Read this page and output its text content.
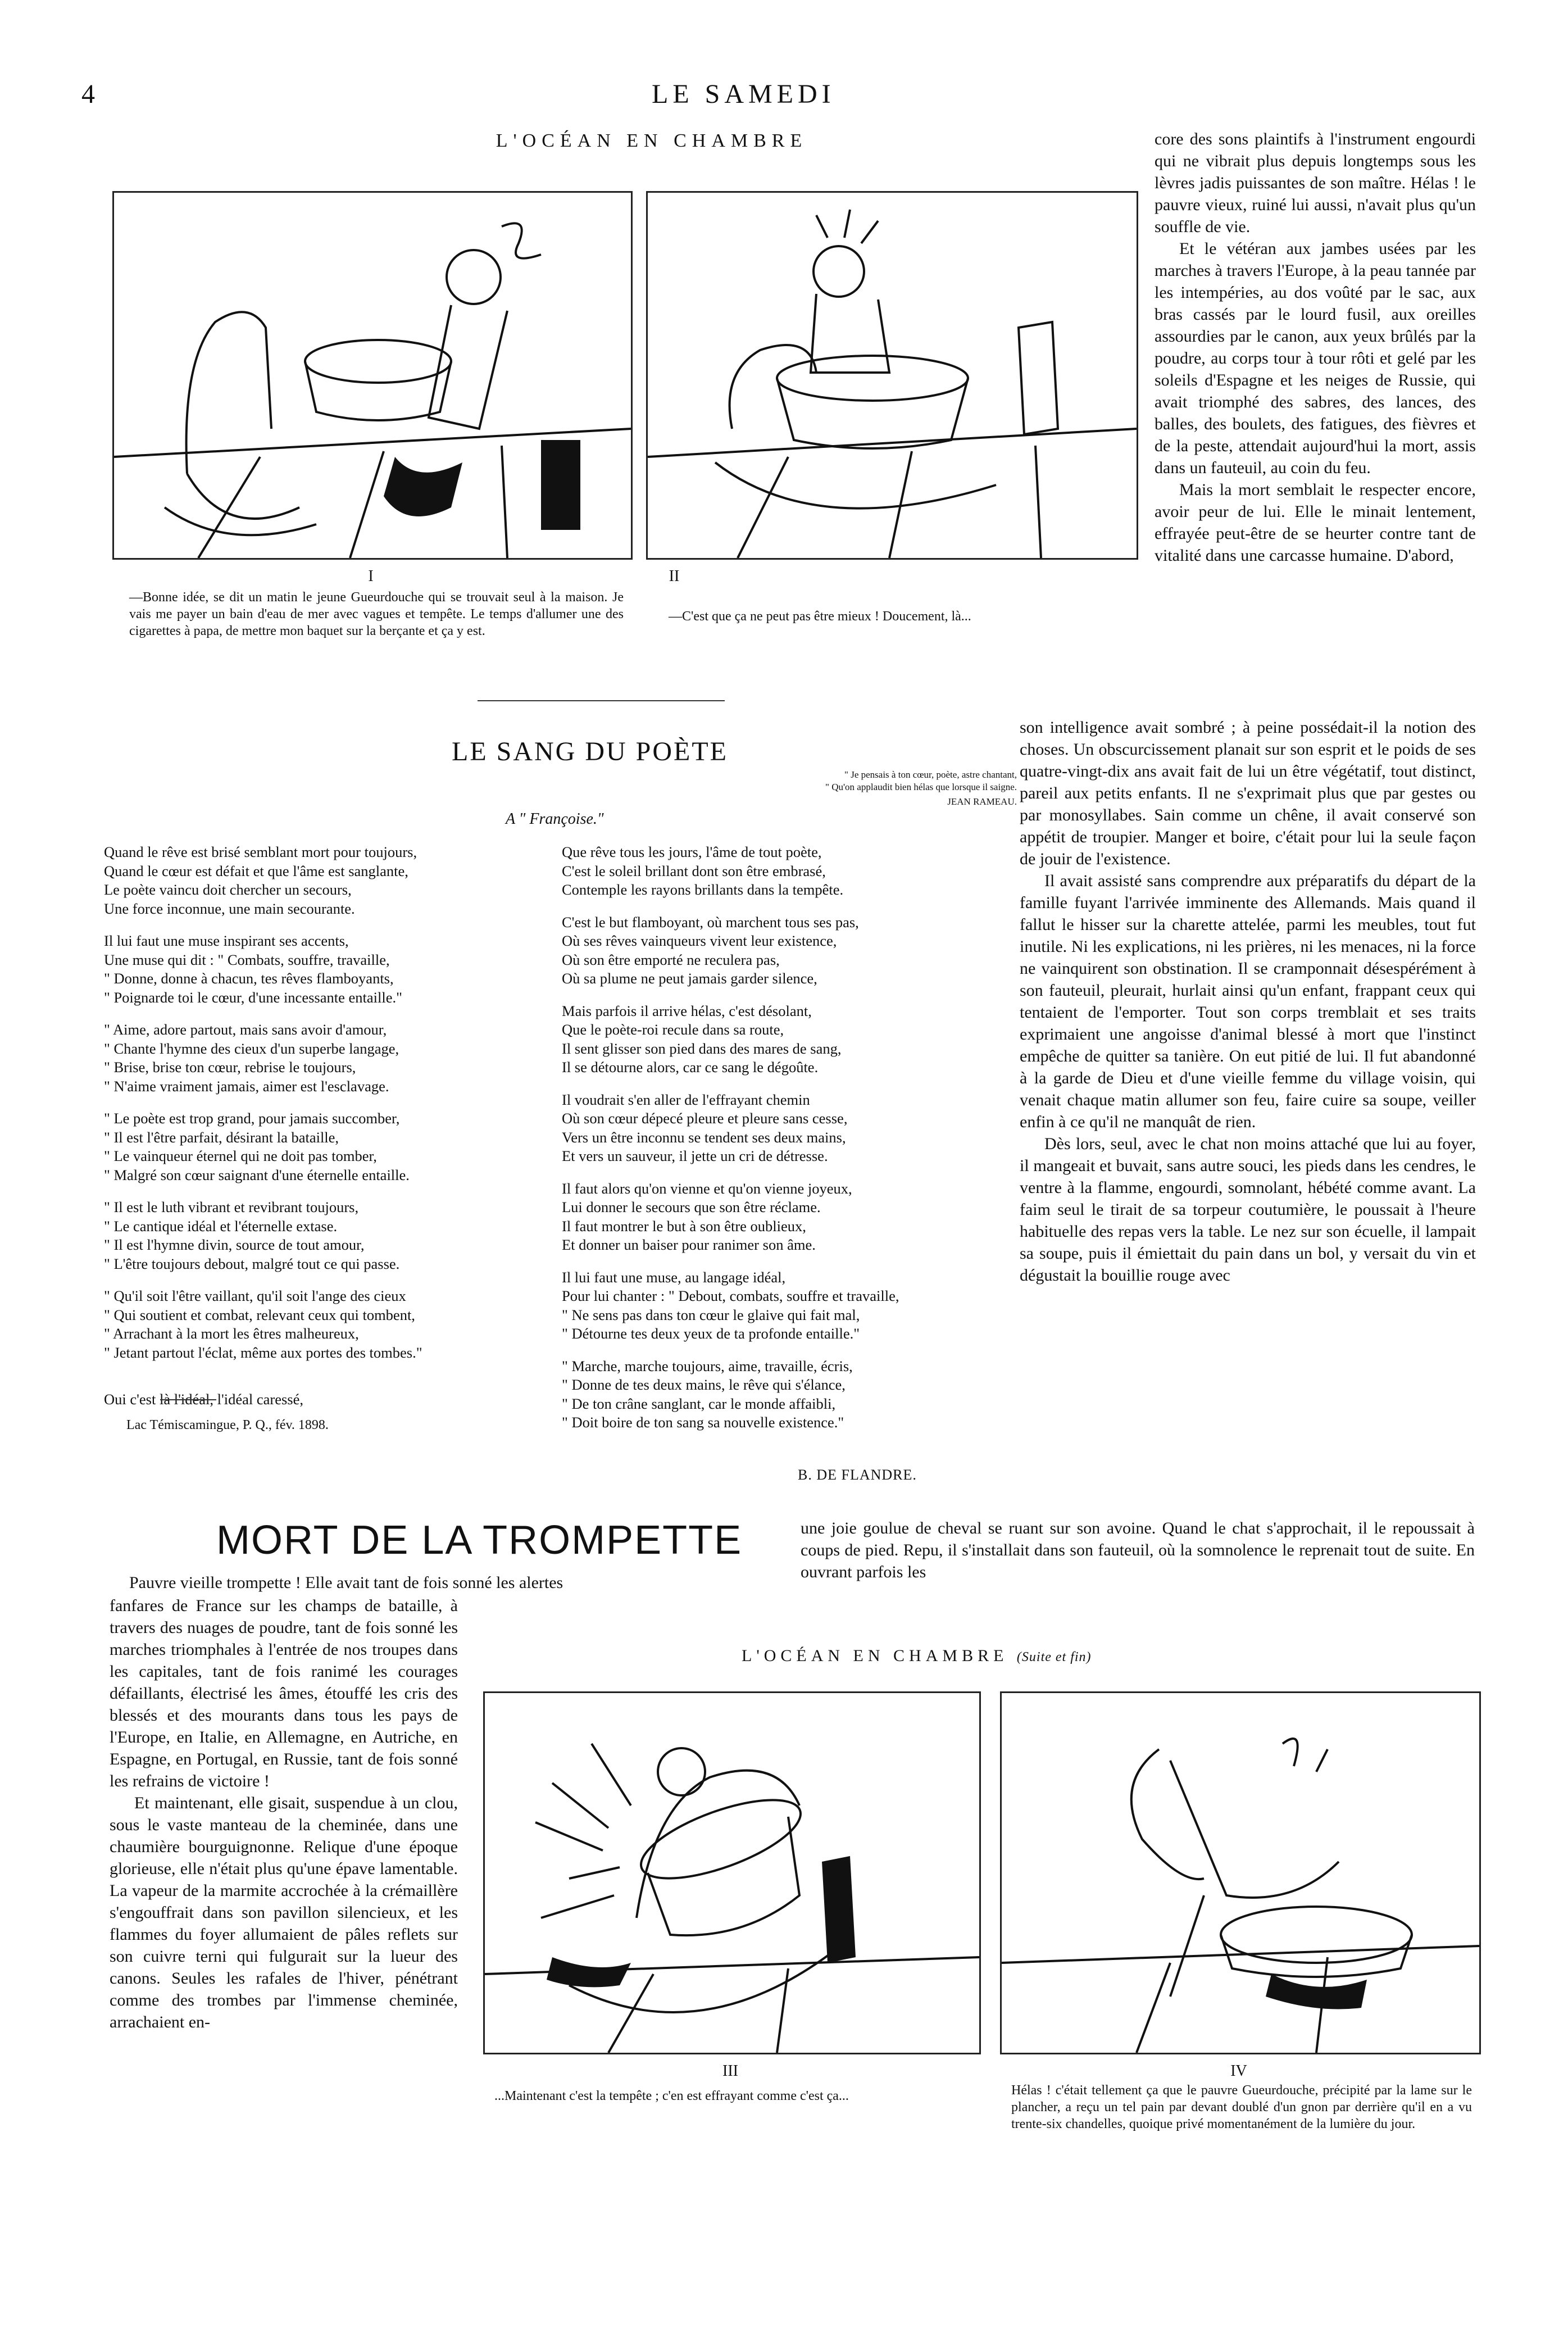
4	LE SAMEDI
L'OCÉAN EN CHAMBRE
I
—Bonne idée, se dit un matin le jeune Gueurdouche qui se trouvait seul à la maison. Je vais me payer un bain d'eau de mer avec vagues et tempête. Le temps d'allumer une des cigarettes à papa, de mettre mon baquet sur la berçante et ça y est.
II
—C'est que ça ne peut pas être mieux ! Doucement, là...

core des sons plaintifs à l'instrument engourdi qui ne vibrait plus depuis longtemps sous les lèvres jadis puissantes de son maître. Hélas ! le pauvre vieux, ruiné lui aussi, n'avait plus qu'un souffle de vie.

Et le vétéran aux jambes usées par les marches à travers l'Europe, à la peau tannée par les intempéries, au dos voûté par le sac, aux bras cassés par le lourd fusil, aux oreilles assourdies par le canon, aux yeux brûlés par la poudre, au corps tour à tour rôti et gelé par les soleils d'Espagne et les neiges de Russie, qui avait triomphé des sabres, des lances, des balles, des boulets, des fatigues, des fièvres et de la peste, attendait aujourd'hui la mort, assis dans un fauteuil, au coin du feu.

Mais la mort semblait le respecter encore, avoir peur de lui. Elle le minait lentement, effrayée peut-être de se heurter contre tant de vitalité dans une carcasse humaine. D'abord,

LE SANG DU POÈTE
" Je pensais à ton cœur, poète, astre chantant,
" Qu'on applaudit bien hélas que lorsque il saigne.
JEAN RAMEAU.
A " Françoise."
Quand le rêve est brisé semblant mort pour toujours,
Quand le cœur est défait et que l'âme est sanglante,
Le poète vaincu doit chercher un secours,
Une force inconnue, une main secourante.
Il lui faut une muse inspirant ses accents,
Une muse qui dit : " Combats, souffre, travaille,
" Donne, donne à chacun, tes rêves flamboyants,
" Poignarde toi le cœur, d'une incessante entaille."
" Aime, adore partout, mais sans avoir d'amour,
" Chante l'hymne des cieux d'un superbe langage,
" Brise, brise ton cœur, rebrise le toujours,
" N'aime vraiment jamais, aimer est l'esclavage.
" Le poète est trop grand, pour jamais succomber,
" Il est l'être parfait, désirant la bataille,
" Le vainqueur éternel qui ne doit pas tomber,
" Malgré son cœur saignant d'une éternelle entaille.
" Il est le luth vibrant et revibrant toujours,
" Le cantique idéal et l'éternelle extase.
" Il est l'hymne divin, source de tout amour,
" L'être toujours debout, malgré tout ce qui passe.
" Qu'il soit l'être vaillant, qu'il soit l'ange des cieux
" Qui soutient et combat, relevant ceux qui tombent,
" Arrachant à la mort les êtres malheureux,
" Jetant partout l'éclat, même aux portes des tombes."
Oui c'est là l'idéal, l'idéal caressé,
Lac Témiscamingue, P. Q., fév. 1898.
Que rêve tous les jours, l'âme de tout poète,
C'est le soleil brillant dont son être embrasé,
Contemple les rayons brillants dans la tempête.
C'est le but flamboyant, où marchent tous ses pas,
Où ses rêves vainqueurs vivent leur existence,
Où son être emporté ne reculera pas,
Où sa plume ne peut jamais garder silence,
Mais parfois il arrive hélas, c'est désolant,
Que le poète-roi recule dans sa route,
Il sent glisser son pied dans des mares de sang,
Il se détourne alors, car ce sang le dégoûte.
Il voudrait s'en aller de l'effrayant chemin
Où son cœur dépecé pleure et pleure sans cesse,
Vers un être inconnu se tendent ses deux mains,
Et vers un sauveur, il jette un cri de détresse.
Il faut alors qu'on vienne et qu'on vienne joyeux,
Lui donner le secours que son être réclame.
Il faut montrer le but à son être oublieux,
Et donner un baiser pour ranimer son âme.
Il lui faut une muse, au langage idéal,
Pour lui chanter : " Debout, combats, souffre et travaille,
" Ne sens pas dans ton cœur le glaive qui fait mal,
" Détourne tes deux yeux de ta profonde entaille."
" Marche, marche toujours, aime, travaille, écris,
" Donne de tes deux mains, le rêve qui s'élance,
" De ton crâne sanglant, car le monde affaibli,
" Doit boire de ton sang sa nouvelle existence."
B. DE FLANDRE.

son intelligence avait sombré ; à peine possédait-il la notion des choses. Un obscurcissement planait sur son esprit et le poids de ses quatre-vingt-dix ans avait fait de lui un être végétatif, tout distinct, pareil aux petits enfants. Il ne s'exprimait plus que par gestes ou par monosyllabes. Sain comme un chêne, il avait conservé son appétit de troupier. Manger et boire, c'était pour lui la seule façon de jouir de l'existence.

Il avait assisté sans comprendre aux préparatifs du départ de la famille fuyant l'arrivée imminente des Allemands. Mais quand il fallut le hisser sur la charette attelée, parmi les meubles, tout fut inutile. Ni les explications, ni les prières, ni les menaces, ni la force ne vainquirent son obstination. Il se cramponnait désespérément à son fauteuil, pleurait, hurlait ainsi qu'un enfant, frappant ceux qui tentaient de l'emporter. Tout son corps tremblait et ses traits exprimaient une angoisse d'animal blessé à mort que l'instinct empêche de quitter sa tanière. On eut pitié de lui. Il fut abandonné à la garde de Dieu et d'une vieille femme du village voisin, qui venait chaque matin allumer son feu, faire cuire sa soupe, veiller enfin à ce qu'il ne manquât de rien.

Dès lors, seul, avec le chat non moins attaché que lui au foyer, il mangeait et buvait, sans autre souci, les pieds dans les cendres, le ventre à la flamme, engourdi, somnolant, hébété comme avant. La faim seul le tirait de sa torpeur coutumière, le poussait à l'heure habituelle des repas vers la table. Le nez sur son écuelle, il lampait sa soupe, puis il émiettait du pain dans un bol, y versait du vin et dégustait la bouillie rouge avec

MORT DE LA TROMPETTE	une joie goulue de cheval se ruant sur son avoine. Quand le chat s'approchait, il le repoussait à coups de pied. Repu, il s'installait dans son fauteuil, où la somnolence le reprenait tout de suite. En ouvrant parfois les
Pauvre vieille trompette ! Elle avait tant de fois sonné les alertes

fanfares de France sur les champs de bataille, à travers des nuages de poudre, tant de fois sonné les marches triomphales à l'entrée de nos troupes dans les capitales, tant de fois ranimé les courages défaillants, électrisé les âmes, étouffé les cris des blessés et des mourants dans tous les pays de l'Europe, en Italie, en Allemagne, en Autriche, en Espagne, en Portugal, en Russie, tant de fois sonné les refrains de victoire !

Et maintenant, elle gisait, suspendue à un clou, sous le vaste manteau de la cheminée, dans une chaumière bourguignonne. Relique d'une époque glorieuse, elle n'était plus qu'une épave lamentable. La vapeur de la marmite accrochée à la crémaillère s'engouffrait dans son pavillon silencieux, et les flammes du foyer allumaient de pâles reflets sur son cuivre terni qui fulgurait sur la lueur des canons. Seules les rafales de l'hiver, pénétrant comme des trombes par l'immense cheminée, arrachaient en-

L'OCÉAN EN CHAMBRE (Suite et fin)
III
...Maintenant c'est la tempête ; c'en est effrayant comme c'est ça...
IV
Hélas ! c'était tellement ça que le pauvre Gueurdouche, précipité par la lame sur le plancher, a reçu un tel pain par devant doublé d'un gnon par derrière qu'il en a vu trente-six chandelles, quoique privé momentanément de la lumière du jour.
